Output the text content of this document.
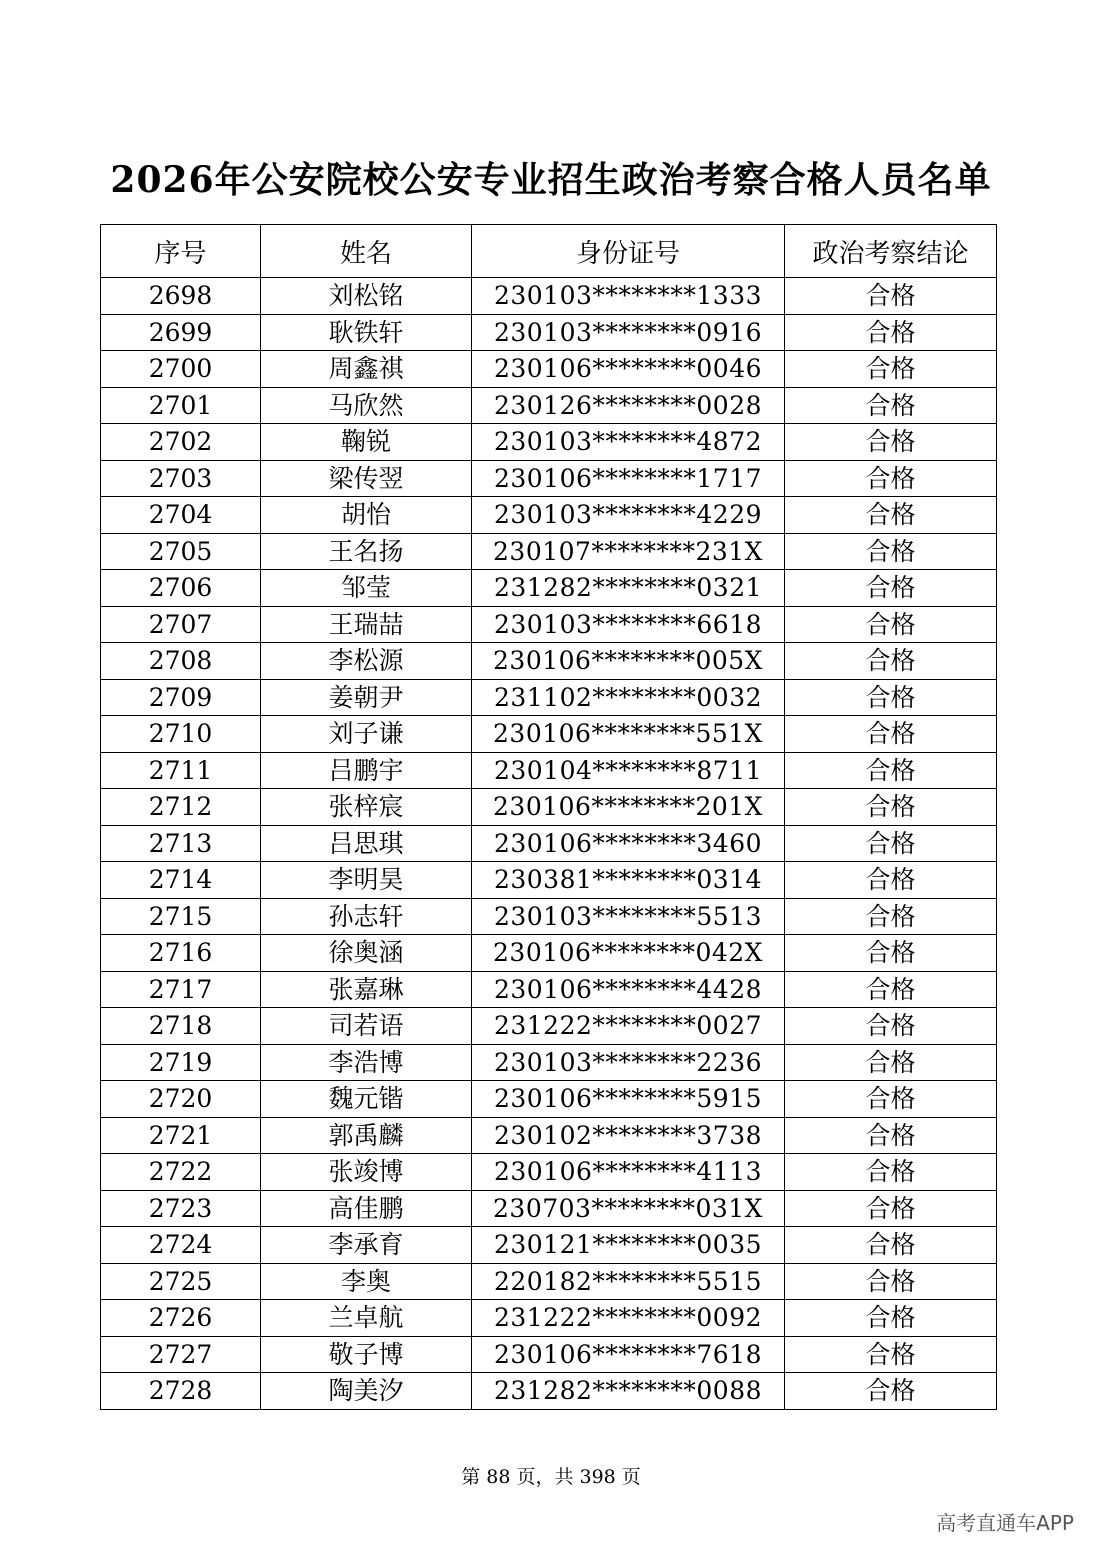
2026年公安院校公安专业招生政治考察合格人员名单
序号	姓名	身份证号	政治考察结论
2698	刘松铭	230103********1333	合格
2699	耿铁轩	230103********0916	合格
2700	周鑫祺	230106********0046	合格
2701	马欣然	230126********0028	合格
2702	鞠锐	230103********4872	合格
2703	梁传翌	230106********1717	合格
2704	胡怡	230103********4229	合格
2705	王名扬	230107********231X	合格
2706	邹莹	231282********0321	合格
2707	王瑞喆	230103********6618	合格
2708	李松源	230106********005X	合格
2709	姜朝尹	231102********0032	合格
2710	刘子谦	230106********551X	合格
2711	吕鹏宇	230104********8711	合格
2712	张梓宸	230106********201X	合格
2713	吕思琪	230106********3460	合格
2714	李明昊	230381********0314	合格
2715	孙志轩	230103********5513	合格
2716	徐奥涵	230106********042X	合格
2717	张嘉琳	230106********4428	合格
2718	司若语	231222********0027	合格
2719	李浩博	230103********2236	合格
2720	魏元锴	230106********5915	合格
2721	郭禹麟	230102********3738	合格
2722	张竣博	230106********4113	合格
2723	高佳鹏	230703********031X	合格
2724	李承育	230121********0035	合格
2725	李奥	220182********5515	合格
2726	兰卓航	231222********0092	合格
2727	敬子博	230106********7618	合格
2728	陶美汐	231282********0088	合格
第 88 页，共 398 页
高考直通车APP
